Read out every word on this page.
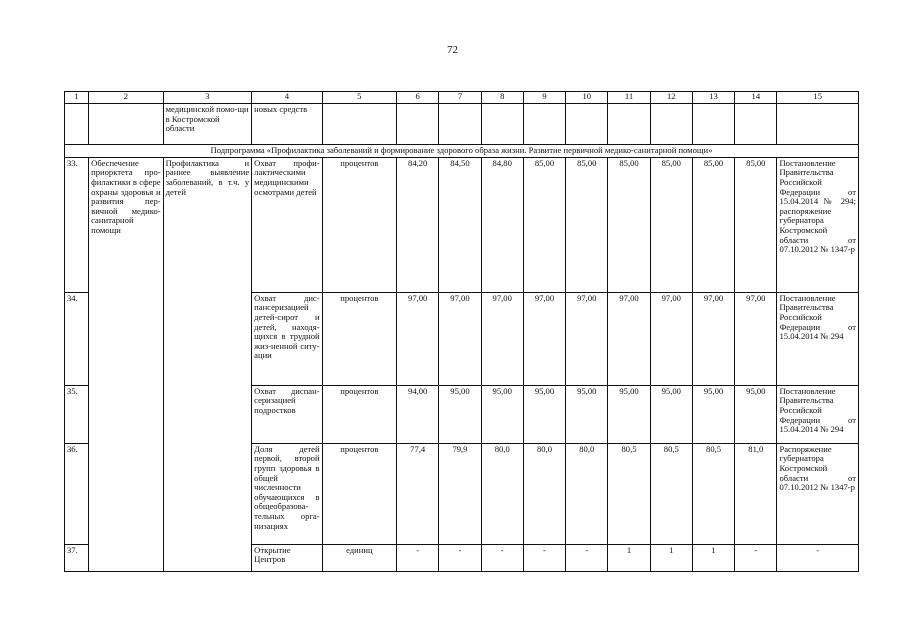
72
1	2	3	4	5	6	7	8	9	10	11	12	13	14	15
		медицинской помо-щи в Костромской области	новых средств											
Подпрограмма «Профилактика заболеваний и формирование здорового образа жизни. Развитие первичной медико-санитарной помощи»														
33.	Обеспечение приорктета про-филактики в сфере охраны здоровья и развития пер-вичной медико-санитарной помощи	Профилактика и раннее выявление заболеваний, в т.ч. у детей	Охват профи-лактическими медицинскими осмотрами детей	процентов	84,20	84,50	84,80	85,00	85,00	85,00	85,00	85,00	85,00	Постановление Правительства Российской Федерации от 15.04.2014 № 294; распоряжение губернатора Костромской области от 07.10.2012 № 1347-р
34.			Охват дис-пансеризацией детей-сирот и детей, находя-щихся в трудной жиз-ненной ситу-ации	процентов	97,00	97,00	97,00	97,00	97,00	97,00	97,00	97,00	97,00	Постановление Правительства Российской Федерации от 15.04.2014 № 294
35.			Охват диспан-серизацией подростков	процентов	94,00	95,00	95,00	95,00	95,00	95,00	95,00	95,00	95,00	Постановление Правительства Российской Федерации от 15.04.2014 № 294
36.			Доля детей первой, второй групп здоровья в общей численности обучающихся в общеобразова-тельных орга-низациях	процентов	77,4	79,9	80,0	80,0	80,0	80,5	80,5	80,5	81,0	Распоряжение губернатора Костромской области от 07.10.2012 № 1347-р
37.			Открытие Центров	единиц	-	-	-	-	-	1	1	1	-	-
